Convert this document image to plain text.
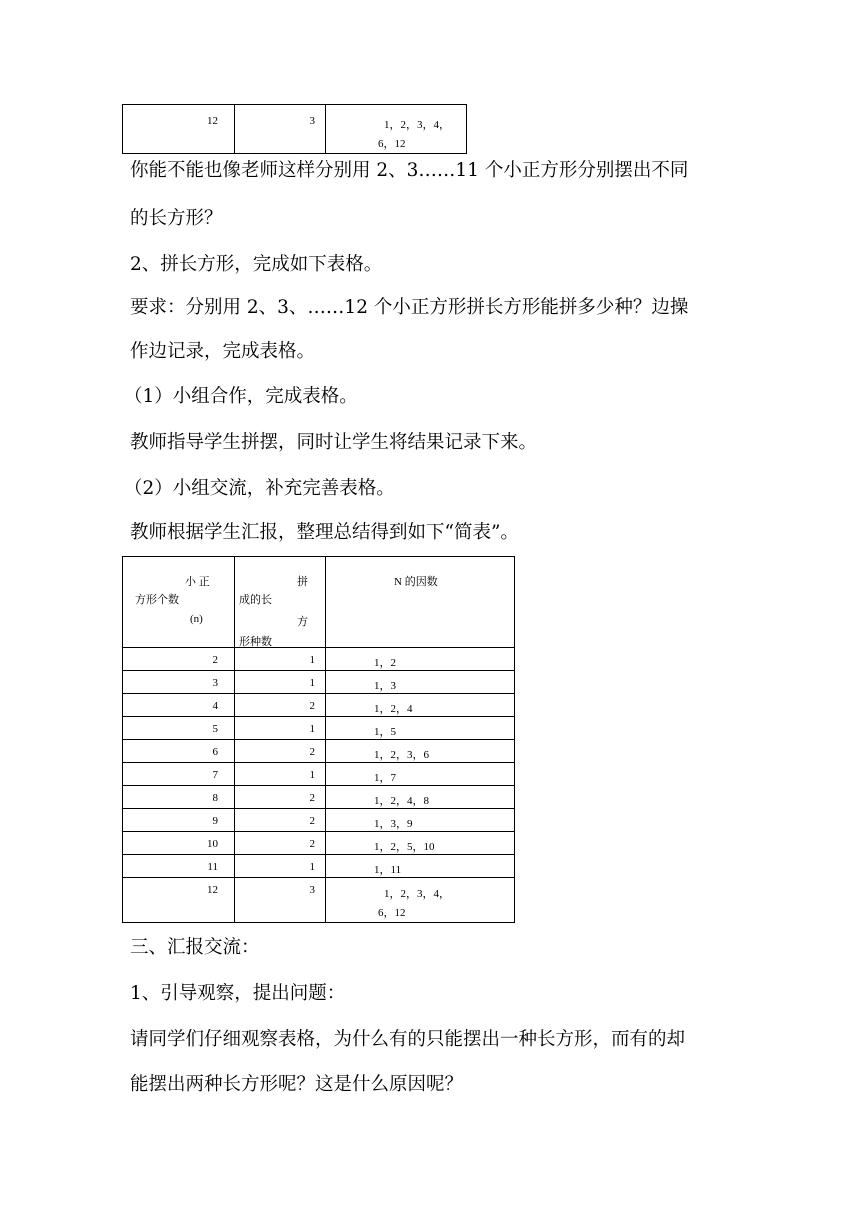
12	3	1，2，3，4，
6，12
你能不能也像老师这样分别用 2、3……11 个小正方形分别摆出不同
的长方形？
2、拼长方形，完成如下表格。
要求：分别用 2、3、……12 个小正方形拼长方形能拼多少种？边操
作边记录，完成表格。
（1）小组合作，完成表格。
教师指导学生拼摆，同时让学生将结果记录下来。
（2）小组交流，补充完善表格。
教师根据学生汇报，整理总结得到如下“简表”。
小 正
方形个数
(n)	拼
成的长
方
形种数	N 的因数

2	1	1，2
3	1	1，3
4	2	1，2，4
5	1	1，5
6	2	1，2，3，6
7	1	1，7
8	2	1，2，4，8
9	2	1，3，9
10	2	1，2，5，10
11	1	1，11
12	3	1，2，3，4，
6，12
三、汇报交流：
1、引导观察，提出问题：
请同学们仔细观察表格，为什么有的只能摆出一种长方形，而有的却
能摆出两种长方形呢？这是什么原因呢？
